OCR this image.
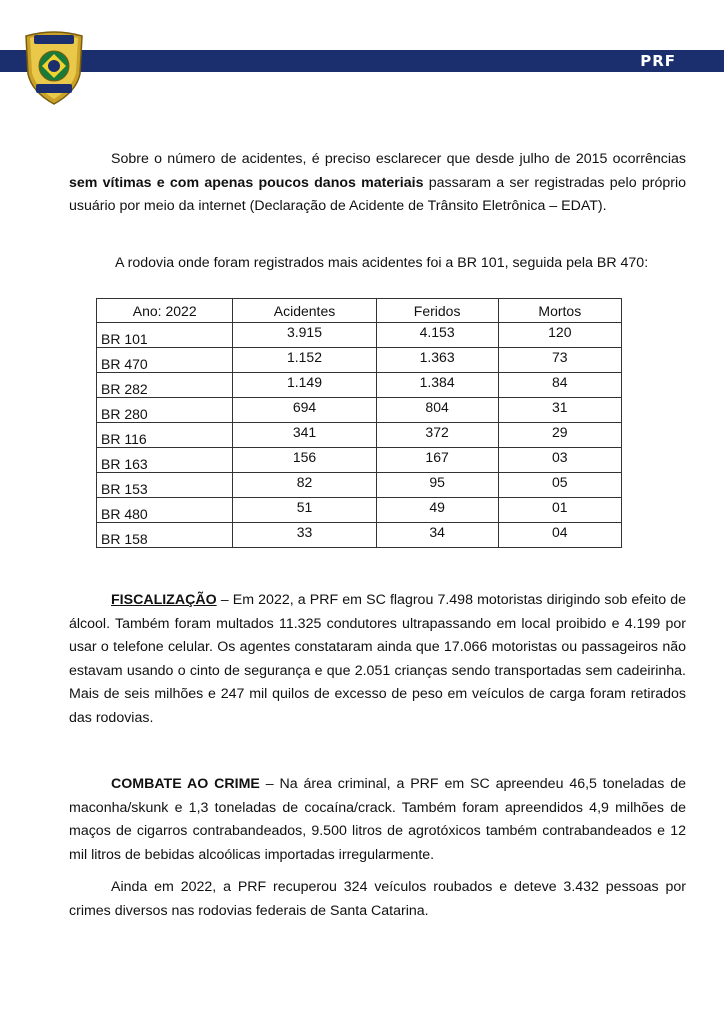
PRF
Sobre o número de acidentes, é preciso esclarecer que desde julho de 2015 ocorrências sem vítimas e com apenas poucos danos materiais passaram a ser registradas pelo próprio usuário por meio da internet (Declaração de Acidente de Trânsito Eletrônica – EDAT).
A rodovia onde foram registrados mais acidentes foi a BR 101, seguida pela BR 470:
Ano: 2022	Acidentes	Feridos	Mortos
BR 101	3.915	4.153	120
BR 470	1.152	1.363	73
BR 282	1.149	1.384	84
BR 280	694	804	31
BR 116	341	372	29
BR 163	156	167	03
BR 153	82	95	05
BR 480	51	49	01
BR 158	33	34	04
FISCALIZAÇÃO – Em 2022, a PRF em SC flagrou 7.498 motoristas dirigindo sob efeito de álcool. Também foram multados 11.325 condutores ultrapassando em local proibido e 4.199 por usar o telefone celular. Os agentes constataram ainda que 17.066 motoristas ou passageiros não estavam usando o cinto de segurança e que 2.051 crianças sendo transportadas sem cadeirinha. Mais de seis milhões e 247 mil quilos de excesso de peso em veículos de carga foram retirados das rodovias.
COMBATE AO CRIME – Na área criminal, a PRF em SC apreendeu 46,5 toneladas de maconha/skunk e 1,3 toneladas de cocaína/crack. Também foram apreendidos 4,9 milhões de maços de cigarros contrabandeados, 9.500 litros de agrotóxicos também contrabandeados e 12 mil litros de bebidas alcoólicas importadas irregularmente.
Ainda em 2022, a PRF recuperou 324 veículos roubados e deteve 3.432 pessoas por crimes diversos nas rodovias federais de Santa Catarina.
